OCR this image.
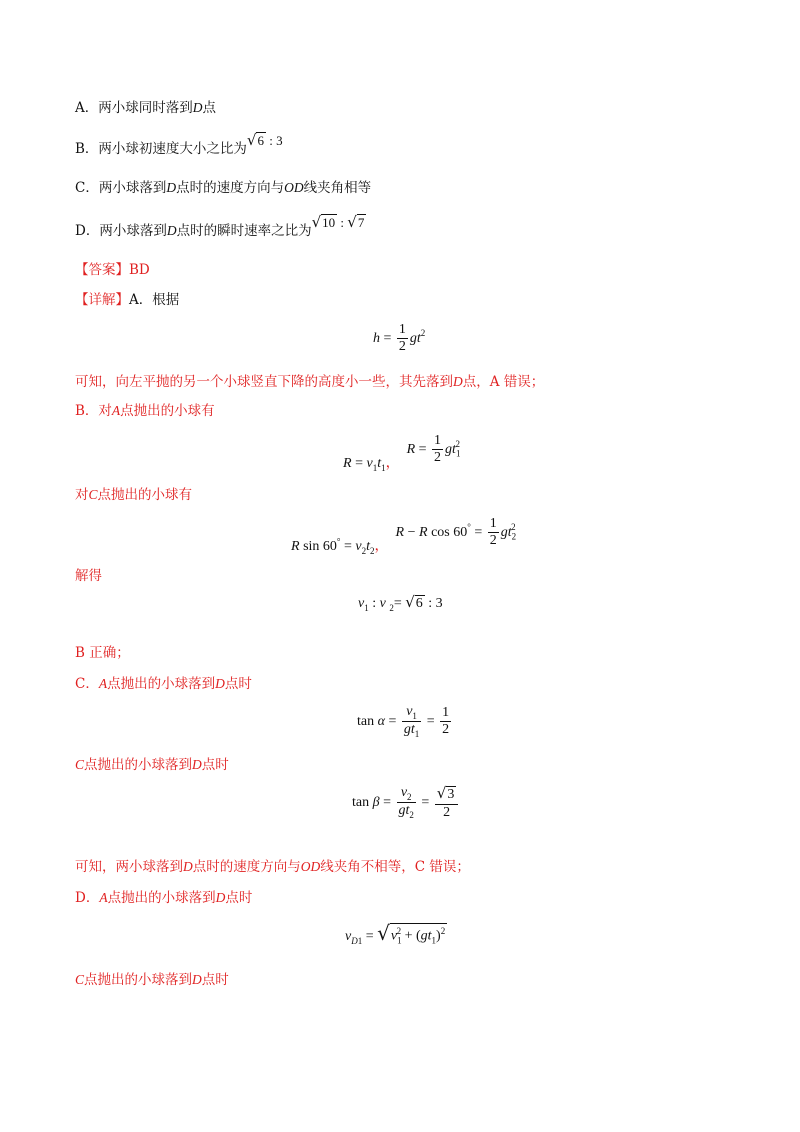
A．两小球同时落到D点
B．两小球初速度大小之比为√6 : 3
C．两小球落到D点时的速度方向与OD线夹角相等
D．两小球落到D点时的瞬时速率之比为√10 : √7
【答案】BD
【详解】A．根据
$h = \frac{1}{2} gt^2$
可知，向左平抛的另一个小球竖直下降的高度小一些，其先落到D点，A 错误；
B．对A点抛出的小球有
$R = v_1t_1$，  $R = \frac{1}{2} gt_1^2$
对C点抛出的小球有
R $\sin 60^\circ = v_2t_2$，  R − R $\cos 60^\circ = \frac{1}{2} gt_2^2$
解得
$v_1$ : v $_2$= √6 : 3
B 正确；
C．A点抛出的小球落到D点时
$\tan \alpha = \frac{v_1}{gt_1} = \frac{1}{2}$
C点抛出的小球落到D点时
$\tan \beta = \frac{v_2}{gt_2} = \frac{√3}{2}$
可知，两小球落到D点时的速度方向与OD线夹角不相等，C 错误；
D．A点抛出的小球落到D点时
$v_{D1} = √v_1^2 + (gt_1)^2$
C点抛出的小球落到D点时
